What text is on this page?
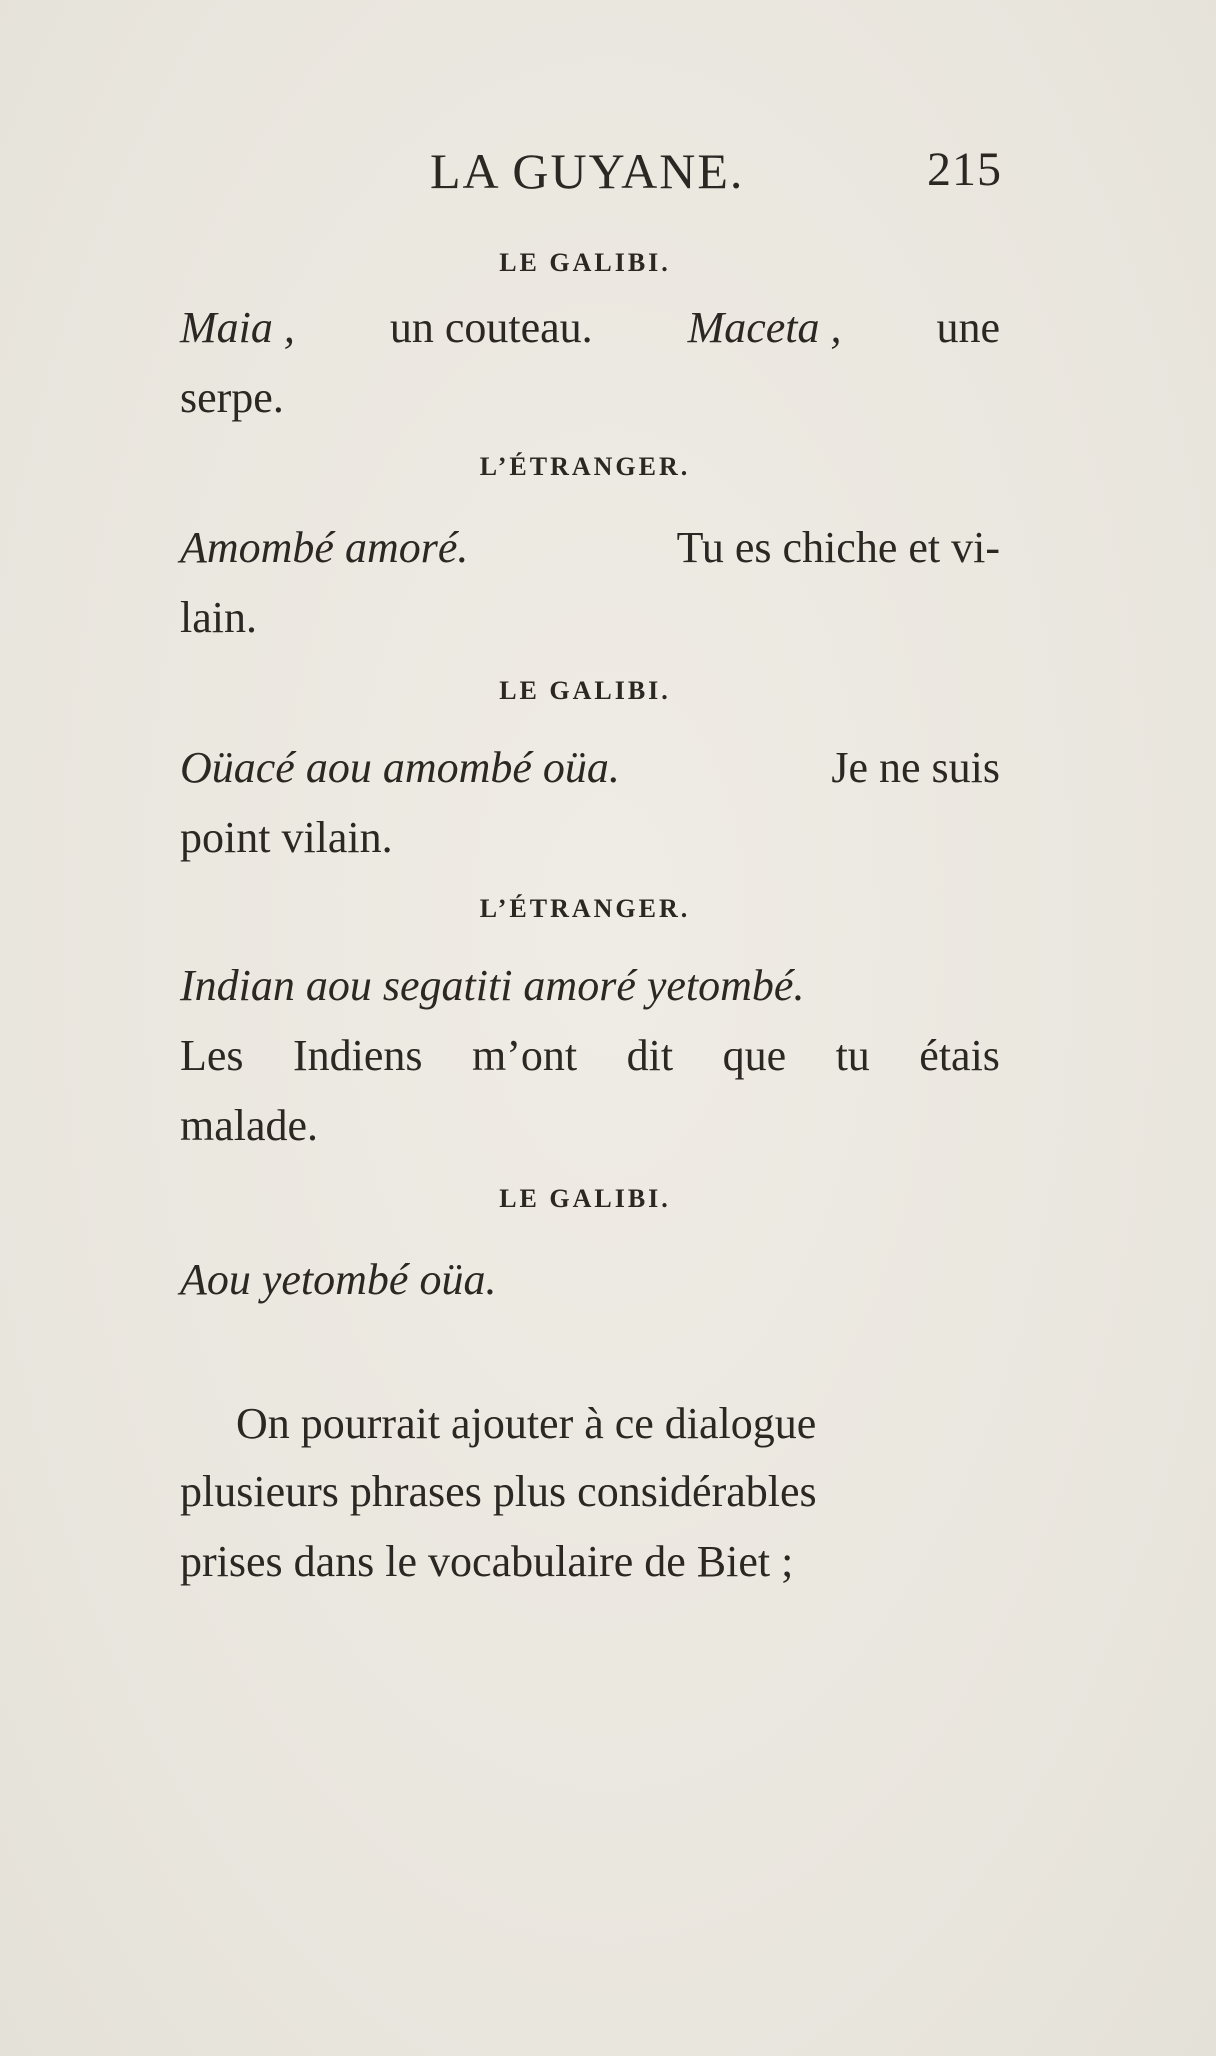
LA GUYANE.	215
LE GALIBI.
Maia , un couteau. Maceta , une
serpe.
L’ÉTRANGER.
Amombé amoré.	Tu es chiche et vi-
lain.
LE GALIBI.
Oüacé aou amombé oüa.	Je ne suis
point vilain.
L’ÉTRANGER.
Indian aou segatiti amoré yetombé.
Les Indiens m’ont dit que tu étais
malade.
LE GALIBI.
Aou yetombé oüa.
On pourrait ajouter à ce dialogue
plusieurs phrases plus considérables
prises dans le vocabulaire de Biet ;
